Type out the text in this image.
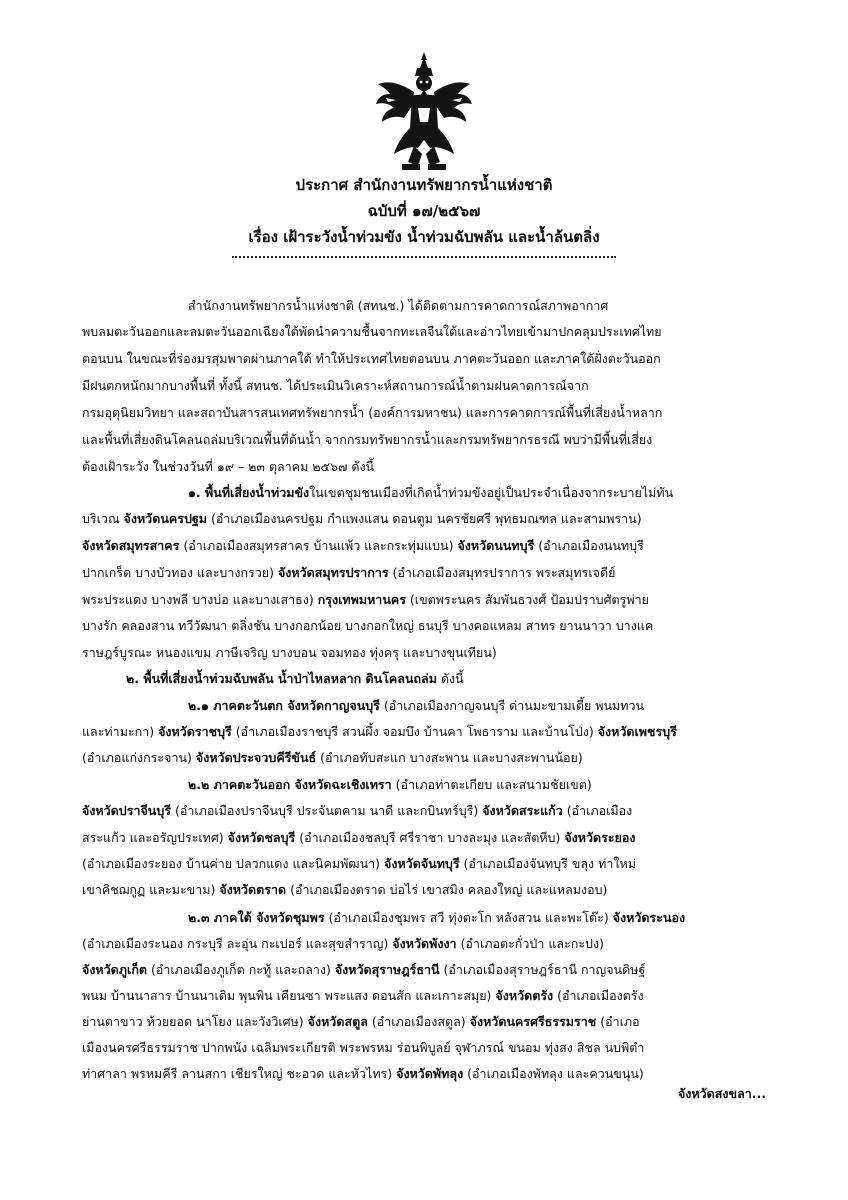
ประกาศ สำนักงานทรัพยากรน้ำแห่งชาติ
ฉบับที่ ๑๗/๒๕๖๗
เรื่อง เฝ้าระวังน้ำท่วมขัง น้ำท่วมฉับพลัน และน้ำล้นตลิ่ง
สำนักงานทรัพยากรน้ำแห่งชาติ (สทนช.) ได้ติดตามการคาดการณ์สภาพอากาศ
พบลมตะวันออกและลมตะวันออกเฉียงใต้พัดนำความชื้นจากทะเลจีนใต้และอ่าวไทยเข้ามาปกคลุมประเทศไทย
ตอนบน ในขณะที่ร่องมรสุมพาดผ่านภาคใต้ ทำให้ประเทศไทยตอนบน ภาคตะวันออก และภาคใต้ฝั่งตะวันออก
มีฝนตกหนักมากบางพื้นที่ ทั้งนี้ สทนช. ได้ประเมินวิเคราะห์สถานการณ์น้ำตามฝนคาดการณ์จาก
กรมอุตุนิยมวิทยา และสถาบันสารสนเทศทรัพยากรน้ำ (องค์การมหาชน) และการคาดการณ์พื้นที่เสี่ยงน้ำหลาก
และพื้นที่เสี่ยงดินโคลนถล่มบริเวณพื้นที่ต้นน้ำ จากกรมทรัพยากรน้ำและกรมทรัพยากรธรณี พบว่ามีพื้นที่เสี่ยง
ต้องเฝ้าระวัง ในช่วงวันที่ ๑๙ – ๒๓ ตุลาคม ๒๕๖๗ ดังนี้
๑. พื้นที่เสี่ยงน้ำท่วมขังในเขตชุมชนเมืองที่เกิดน้ำท่วมขังอยู่เป็นประจำเนื่องจากระบายไม่ทัน
บริเวณ จังหวัดนครปฐม (อำเภอเมืองนครปฐม กำแพงแสน ดอนตูม นครชัยศรี พุทธมณฑล และสามพราน)
จังหวัดสมุทรสาคร (อำเภอเมืองสมุทรสาคร บ้านแพ้ว และกระทุ่มแบน) จังหวัดนนทบุรี (อำเภอเมืองนนทบุรี
ปากเกร็ด บางบัวทอง และบางกรวย) จังหวัดสมุทรปราการ (อำเภอเมืองสมุทรปราการ พระสมุทรเจดีย์
พระประแดง บางพลี บางบ่อ และบางเสาธง) กรุงเทพมหานคร (เขตพระนคร สัมพันธวงศ์ ป้อมปราบศัตรูพ่าย
บางรัก คลองสาน ทวีวัฒนา ตลิ่งชัน บางกอกน้อย บางกอกใหญ่ ธนบุรี บางคอแหลม สาทร ยานนาวา บางแค
ราษฎร์บูรณะ หนองแขม ภาษีเจริญ บางบอน จอมทอง ทุ่งครุ และบางขุนเทียน)
๒. พื้นที่เสี่ยงน้ำท่วมฉับพลัน น้ำป่าไหลหลาก ดินโคลนถล่ม ดังนี้
๒.๑ ภาคตะวันตก จังหวัดกาญจนบุรี (อำเภอเมืองกาญจนบุรี ด่านมะขามเตี้ย พนมทวน
และท่ามะกา) จังหวัดราชบุรี (อำเภอเมืองราชบุรี สวนผึ้ง จอมบึง บ้านคา โพธาราม และบ้านโป่ง) จังหวัดเพชรบุรี
(อำเภอแก่งกระจาน) จังหวัดประจวบคีรีขันธ์ (อำเภอทับสะแก บางสะพาน และบางสะพานน้อย)
๒.๒ ภาคตะวันออก จังหวัดฉะเชิงเทรา (อำเภอท่าตะเกียบ และสนามชัยเขต)
จังหวัดปราจีนบุรี (อำเภอเมืองปราจีนบุรี ประจันตคาม นาดี และกบินทร์บุรี) จังหวัดสระแก้ว (อำเภอเมือง
สระแก้ว และอรัญประเทศ) จังหวัดชลบุรี (อำเภอเมืองชลบุรี ศรีราชา บางละมุง และสัตหีบ) จังหวัดระยอง
(อำเภอเมืองระยอง บ้านค่าย ปลวกแดง และนิคมพัฒนา) จังหวัดจันทบุรี (อำเภอเมืองจันทบุรี ขลุง ท่าใหม่
เขาคิชฌกูฏ และมะขาม) จังหวัดตราด (อำเภอเมืองตราด บ่อไร่ เขาสมิง คลองใหญ่ และแหลมงอบ)
๒.๓ ภาคใต้ จังหวัดชุมพร (อำเภอเมืองชุมพร สวี ทุ่งตะโก หลังสวน และพะโต๊ะ) จังหวัดระนอง
(อำเภอเมืองระนอง กระบุรี ละอุ่น กะเปอร์ และสุขสำราญ) จังหวัดพังงา (อำเภอตะกั่วป่า และกะปง)
จังหวัดภูเก็ต (อำเภอเมืองภูเก็ต กะทู้ และถลาง) จังหวัดสุราษฎร์ธานี (อำเภอเมืองสุราษฎร์ธานี กาญจนดิษฐ์
พนม บ้านนาสาร บ้านนาเดิม พุนพิน เคียนซา พระแสง ดอนสัก และเกาะสมุย) จังหวัดตรัง (อำเภอเมืองตรัง
ย่านตาขาว ห้วยยอด นาโยง และวังวิเศษ) จังหวัดสตูล (อำเภอเมืองสตูล) จังหวัดนครศรีธรรมราช (อำเภอ
เมืองนครศรีธรรมราช ปากพนัง เฉลิมพระเกียรติ พระพรหม ร่อนพิบูลย์ จุฬาภรณ์ ขนอม ทุ่งสง สิชล นบพิตำ
ท่าศาลา พรหมคีรี ลานสกา เชียรใหญ่ ชะอวด และหัวไทร) จังหวัดพัทลุง (อำเภอเมืองพัทลุง และควนขนุน)
จังหวัดสงขลา...
